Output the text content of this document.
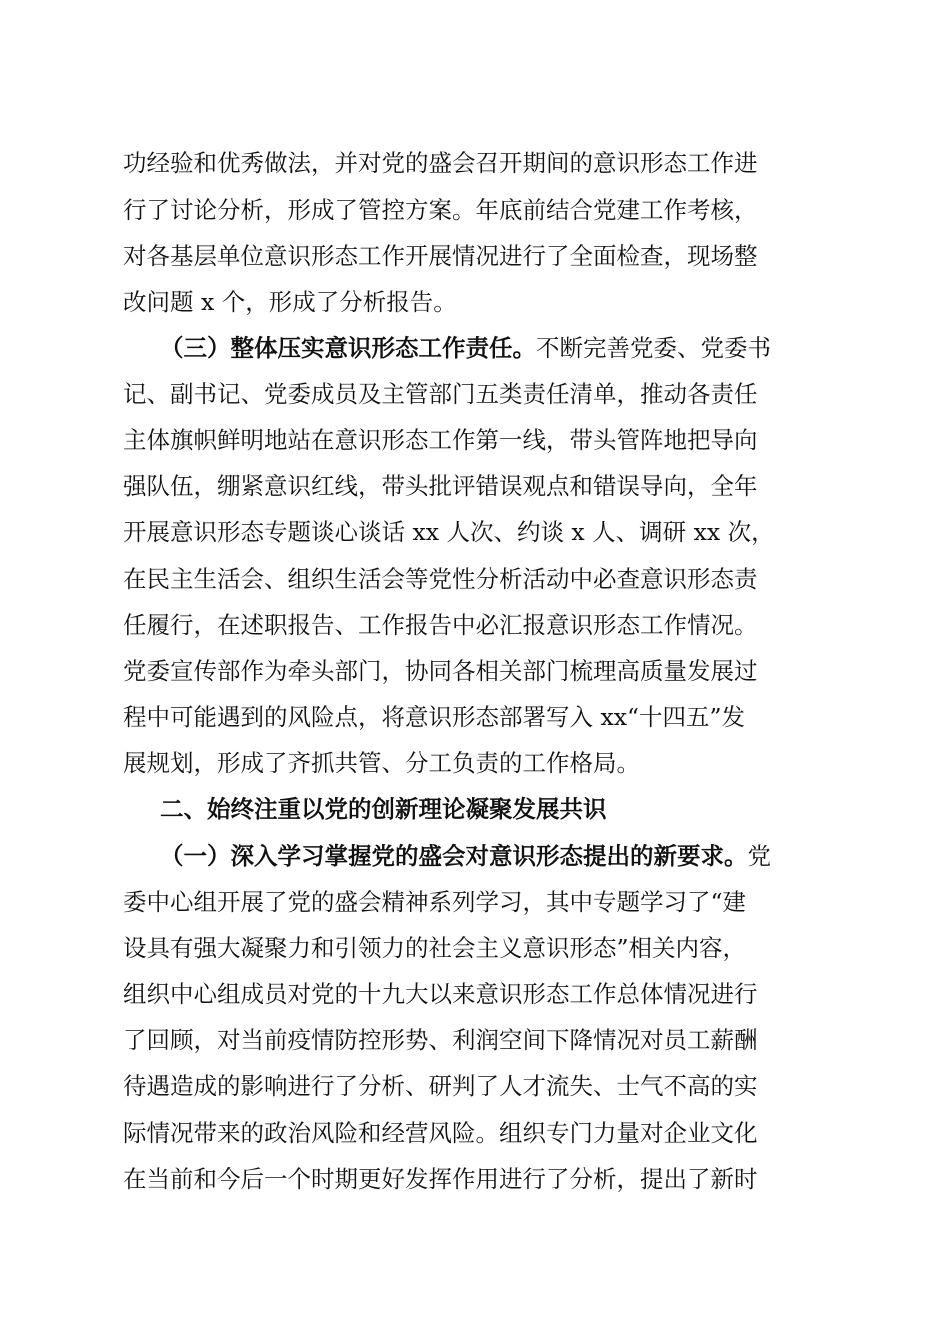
功经验和优秀做法，并对党的盛会召开期间的意识形态工作进
行了讨论分析，形成了管控方案。年底前结合党建工作考核，
对各基层单位意识形态工作开展情况进行了全面检查，现场整
改问题 x 个，形成了分析报告。
（三）整体压实意识形态工作责任。不断完善党委、党委书
记、副书记、党委成员及主管部门五类责任清单，推动各责任
主体旗帜鲜明地站在意识形态工作第一线，带头管阵地把导向
强队伍，绷紧意识红线，带头批评错误观点和错误导向，全年
开展意识形态专题谈心谈话 xx 人次、约谈 x 人、调研 xx 次，
在民主生活会、组织生活会等党性分析活动中必查意识形态责
任履行，在述职报告、工作报告中必汇报意识形态工作情况。
党委宣传部作为牵头部门，协同各相关部门梳理高质量发展过
程中可能遇到的风险点，将意识形态部署写入 xx“十四五”发
展规划，形成了齐抓共管、分工负责的工作格局。
二、始终注重以党的创新理论凝聚发展共识
（一）深入学习掌握党的盛会对意识形态提出的新要求。党
委中心组开展了党的盛会精神系列学习，其中专题学习了“建
设具有强大凝聚力和引领力的社会主义意识形态”相关内容，
组织中心组成员对党的十九大以来意识形态工作总体情况进行
了回顾，对当前疫情防控形势、利润空间下降情况对员工薪酬
待遇造成的影响进行了分析、研判了人才流失、士气不高的实
际情况带来的政治风险和经营风险。组织专门力量对企业文化
在当前和今后一个时期更好发挥作用进行了分析，提出了新时
